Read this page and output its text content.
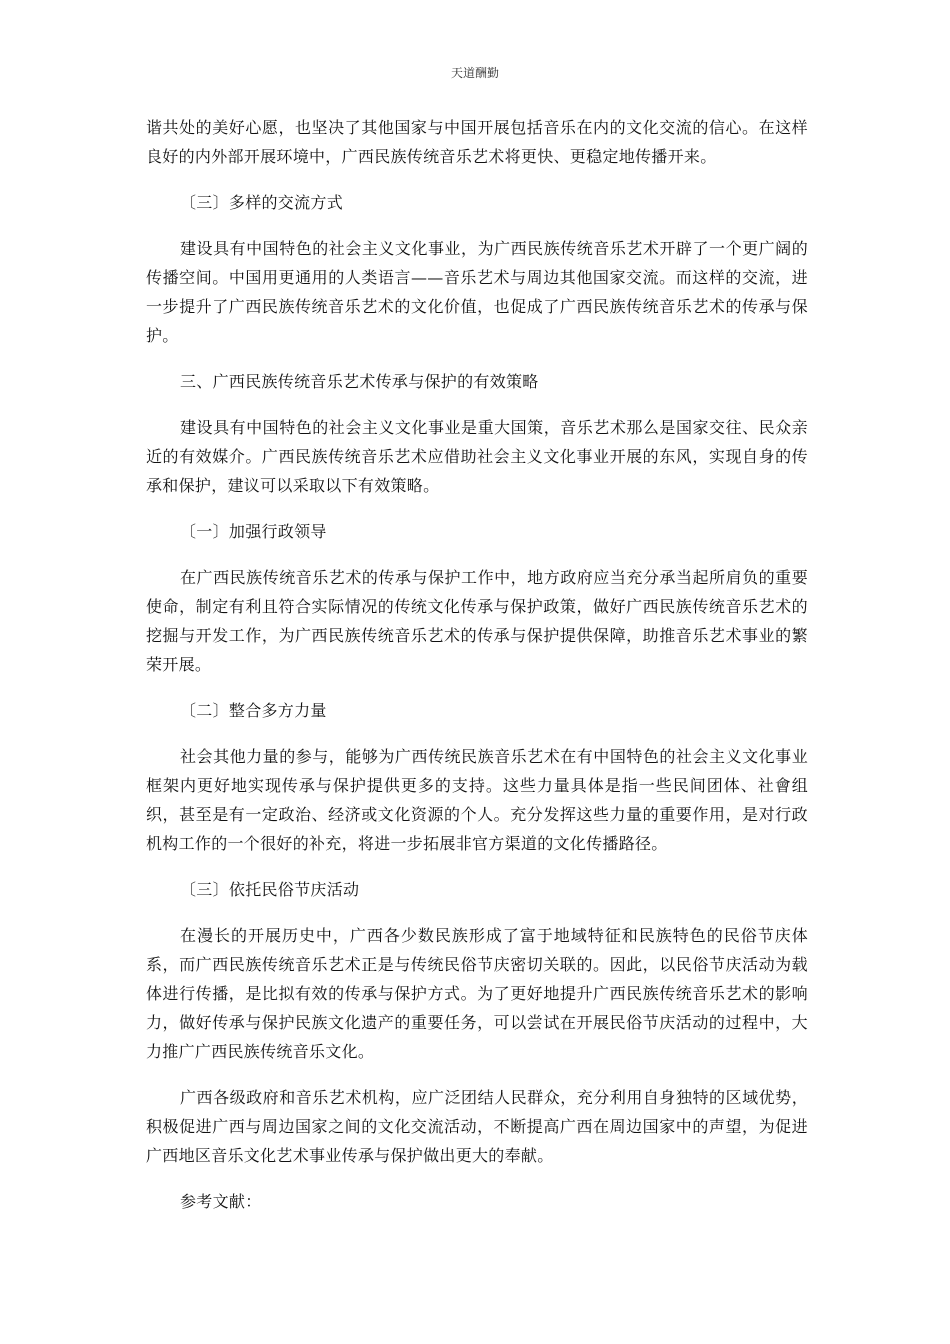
天道酬勤

谐共处的美好心愿，也坚决了其他国家与中国开展包括音乐在内的文化交流的信心。在这样良好的内外部开展环境中，广西民族传统音乐艺术将更快、更稳定地传播开来。

〔三〕多样的交流方式

建设具有中国特色的社会主义文化事业，为广西民族传统音乐艺术开辟了一个更广阔的传播空间。中国用更通用的人类语言——音乐艺术与周边其他国家交流。而这样的交流，进一步提升了广西民族传统音乐艺术的文化价值，也促成了广西民族传统音乐艺术的传承与保护。

三、广西民族传统音乐艺术传承与保护的有效策略

建设具有中国特色的社会主义文化事业是重大国策，音乐艺术那么是国家交往、民众亲近的有效媒介。广西民族传统音乐艺术应借助社会主义文化事业开展的东风，实现自身的传承和保护，建议可以采取以下有效策略。

〔一〕加强行政领导

在广西民族传统音乐艺术的传承与保护工作中，地方政府应当充分承当起所肩负的重要使命，制定有利且符合实际情况的传统文化传承与保护政策，做好广西民族传统音乐艺术的挖掘与开发工作，为广西民族传统音乐艺术的传承与保护提供保障，助推音乐艺术事业的繁荣开展。

〔二〕整合多方力量

社会其他力量的参与，能够为广西传统民族音乐艺术在有中国特色的社会主义文化事业框架内更好地实现传承与保护提供更多的支持。这些力量具体是指一些民间团体、社會组织，甚至是有一定政治、经济或文化资源的个人。充分发挥这些力量的重要作用，是对行政机构工作的一个很好的补充，将进一步拓展非官方渠道的文化传播路径。

〔三〕依托民俗节庆活动

在漫长的开展历史中，广西各少数民族形成了富于地域特征和民族特色的民俗节庆体系，而广西民族传统音乐艺术正是与传统民俗节庆密切关联的。因此，以民俗节庆活动为载体进行传播，是比拟有效的传承与保护方式。为了更好地提升广西民族传统音乐艺术的影响力，做好传承与保护民族文化遗产的重要任务，可以尝试在开展民俗节庆活动的过程中，大力推广广西民族传统音乐文化。

广西各级政府和音乐艺术机构，应广泛团结人民群众，充分利用自身独特的区域优势，积极促进广西与周边国家之间的文化交流活动，不断提高广西在周边国家中的声望，为促进广西地区音乐文化艺术事业传承与保护做出更大的奉献。

参考文献：
